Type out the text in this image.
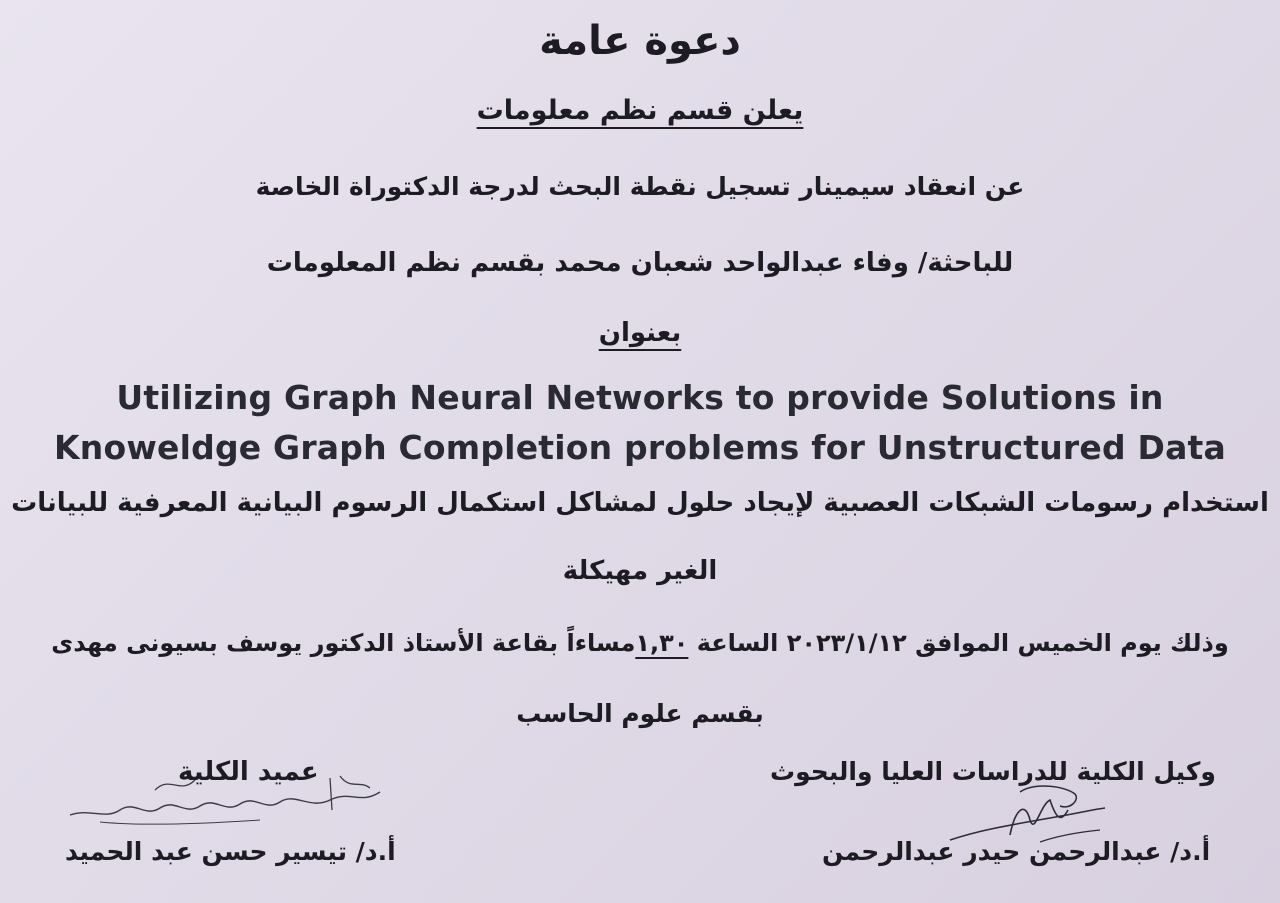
دعوة عامة
يعلن قسم نظم معلومات
عن انعقاد سيمينار تسجيل نقطة البحث لدرجة الدكتوراة الخاصة
للباحثة/ وفاء عبدالواحد شعبان محمد بقسم نظم المعلومات
بعنوان
Utilizing Graph Neural Networks to provide Solutions in
Knoweldge Graph Completion problems for Unstructured Data
استخدام رسومات الشبكات العصبية لإيجاد حلول لمشاكل استكمال الرسوم البيانية المعرفية للبيانات
الغير مهيكلة
وذلك يوم الخميس الموافق ٢٠٢٣/١/١٢ الساعة ١,٣٠مساءاً بقاعة الأستاذ الدكتور يوسف بسيونى مهدى
بقسم علوم الحاسب
عميد الكلية
أ.د/ تيسير حسن عبد الحميد
وكيل الكلية للدراسات العليا والبحوث
أ.د/ عبدالرحمن حيدر عبدالرحمن
